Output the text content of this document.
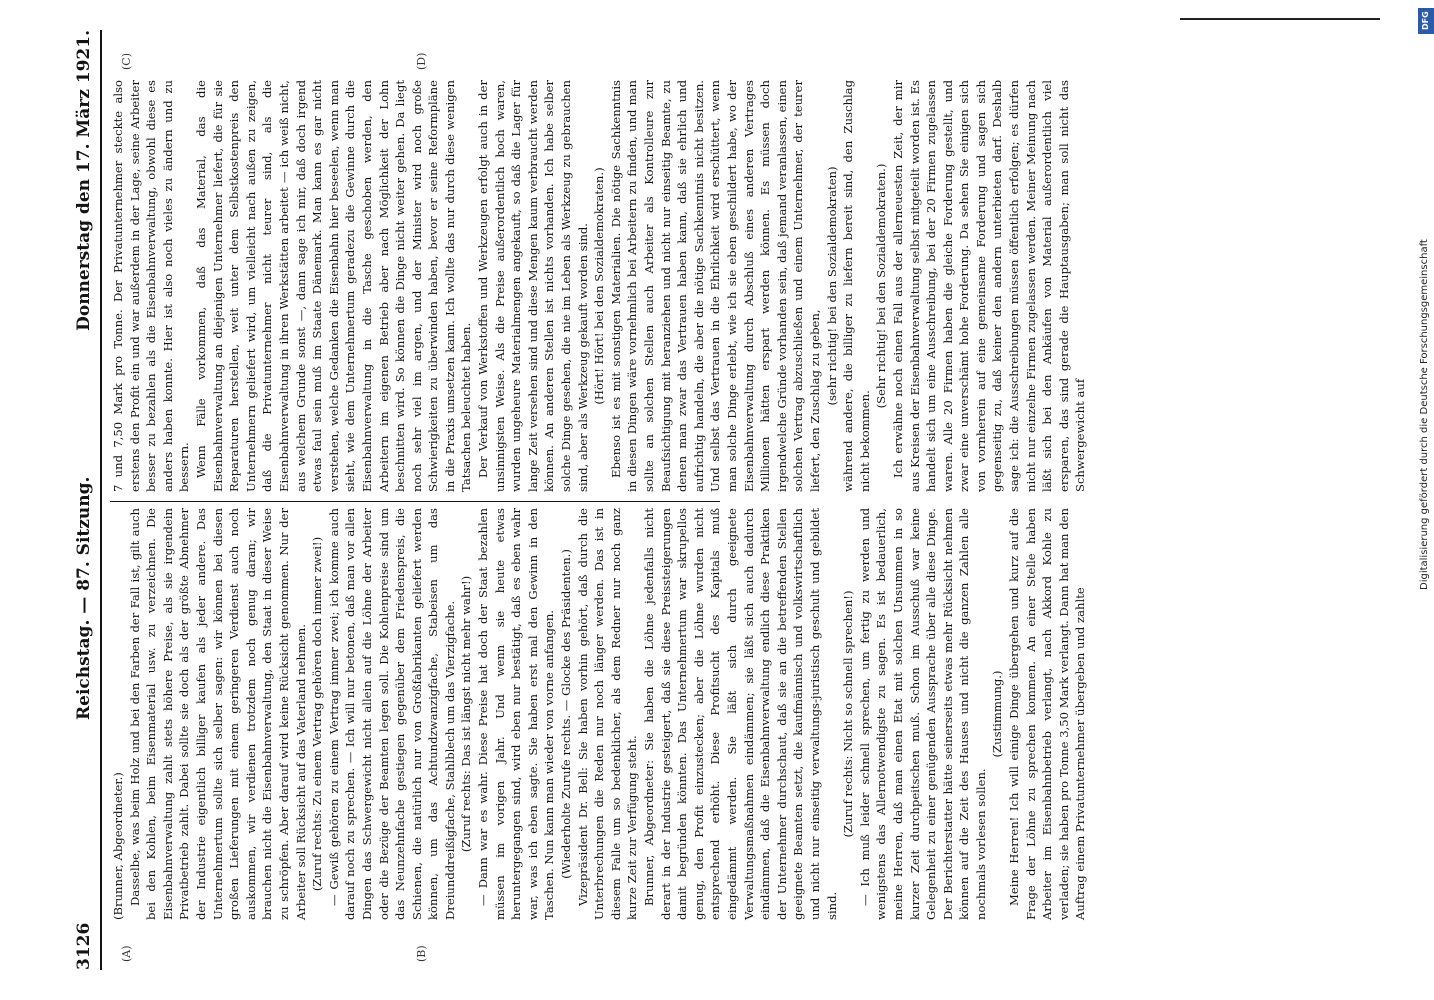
DFG
Digitalisierung gefördert durch die Deutsche Forschungsgemeinschaft
3126
Reichstag. — 87. Sitzung.
Donnerstag den 17. März 1921.
(A)	(B)
(C)	(D)

(Brunner, Abgeordneter.) Dasselbe, was beim Holz und bei den Farben der Fall ist, gilt auch bei den Kohlen, beim Eisenmaterial usw. zu verzeichnen. Die Eisenbahnverwaltung zahlt stets höhere Preise, als sie irgendein Privatbetrieb zahlt. Dabei sollte sie doch als der größte Abnehmer der Industrie eigentlich billiger kaufen als jeder andere. Das Unternehmertum sollte sich selber sagen: wir können bei diesen großen Lieferungen mit einem geringeren Verdienst auch noch auskommen, wir verdienen trotzdem noch genug daran; wir brauchen nicht die Eisenbahnverwaltung, den Staat in dieser Weise zu schröpfen. Aber darauf wird keine Rücksicht genommen. Nur der Arbeiter soll Rücksicht auf das Vaterland nehmen. (Zuruf rechts: Zu einem Vertrag gehören doch immer zwei!) — Gewiß gehören zu einem Vertrag immer zwei; ich komme auch darauf noch zu sprechen. — Ich will nur betonen, daß man vor allen Dingen das Schwergewicht nicht allein auf die Löhne der Arbeiter oder die Bezüge der Beamten legen soll. Die Kohlenpreise sind um das Neunzehnfache gestiegen gegenüber dem Friedenspreis, die Schienen, die natürlich nur von Großfabrikanten geliefert werden können, um das Achtundzwanzigfache, Stabeisen um das Dreiunddreißigfache, Stahlblech um das Vierzigfache. (Zuruf rechts: Das ist längst nicht mehr wahr!) — Dann war es wahr. Diese Preise hat doch der Staat bezahlen müssen im vorigen Jahr. Und wenn sie heute etwas heruntergegangen sind, wird eben nur bestätigt, daß es eben wahr war, was ich eben sagte. Sie haben erst mal den Gewinn in den Taschen. Nun kann man wieder von vorne anfangen. (Wiederholte Zurufe rechts. — Glocke des Präsidenten.) Vizepräsident Dr. Bell: Sie haben vorhin gehört, daß durch die Unterbrechungen die Reden nur noch länger werden. Das ist in diesem Falle um so bedenklicher, als dem Redner nur noch ganz kurze Zeit zur Verfügung steht. Brunner, Abgeordneter: Sie haben die Löhne jedenfalls nicht derart in der Industrie gesteigert, daß sie diese Preissteigerungen damit begründen könnten. Das Unternehmertum war skrupellos genug, den Profit einzustecken; aber die Löhne wurden nicht entsprechend erhöht. Diese Profitsucht des Kapitals muß eingedämmt werden. Sie läßt sich durch geeignete Verwaltungsmaßnahmen eindämmen; sie läßt sich auch dadurch eindämmen, daß die Eisenbahnverwaltung endlich diese Praktiken der Unternehmer durchschaut, daß sie an die betreffenden Stellen geeignete Beamten setzt, die kaufmännisch und volkswirtschaftlich und nicht nur einseitig verwaltungs-juristisch geschult und gebildet sind.

(Zuruf rechts: Nicht so schnell sprechen!) — Ich muß leider schnell sprechen, um fertig zu werden und wenigstens das Allernotwendigste zu sagen. Es ist bedauerlich, meine Herren, daß man einen Etat mit solchen Unsummen in so kurzer Zeit durchpeitschen muß. Schon im Ausschuß war keine Gelegenheit zu einer genügenden Aussprache über alle diese Dinge. Der Berichterstatter hätte seinerseits etwas mehr Rücksicht nehmen können auf die Zeit des Hauses und nicht die ganzen Zahlen alle nochmals vorlesen sollen.

(Zustimmung.) Meine Herren! Ich will einige Dinge übergehen und kurz auf die Frage der Löhne zu sprechen kommen. An einer Stelle haben Arbeiter im Eisenbahnbetrieb verlangt, nach Akkord Kohle zu verladen; sie haben pro Tonne 3,50 Mark verlangt. Dann hat man den Auftrag einem Privatunternehmer übergeben und zahlte

7 und 7,50 Mark pro Tonne. Der Privatunternehmer steckte also erstens den Profit ein und war außerdem in der Lage, seine Arbeiter besser zu bezahlen als die Eisenbahnverwaltung, obwohl diese es anders haben konnte. Hier ist also noch vieles zu ändern und zu bessern. Wenn Fälle vorkommen, daß das Material, das die Eisenbahnverwaltung an diejenigen Unternehmer liefert, die für sie Reparaturen herstellen, weit unter dem Selbstkostenpreis den Unternehmern geliefert wird, um vielleicht nach außen zu zeigen, daß die Privatunternehmer nicht teurer sind, als die Eisenbahnverwaltung in ihren Werkstätten arbeitet — ich weiß nicht, aus welchem Grunde sonst —, dann sage ich mir, daß doch irgend etwas faul sein muß im Staate Dänemark. Man kann es gar nicht verstehen, welche Gedanken die Eisenbahn hier beseelen, wenn man sieht, wie dem Unternehmertum geradezu die Gewinne durch die Eisenbahnverwaltung in die Tasche geschoben werden, den Arbeitern im eigenen Betrieb aber nach Möglichkeit der Lohn beschnitten wird. So können die Dinge nicht weiter gehen. Da liegt noch sehr viel im argen, und der Minister wird noch große Schwierigkeiten zu überwinden haben, bevor er seine Reformpläne in die Praxis umsetzen kann. Ich wollte das nur durch diese wenigen Tatsachen beleuchtet haben. Der Verkauf von Werkstoffen und Werkzeugen erfolgt auch in der unsinnigsten Weise. Als die Preise außerordentlich hoch waren, wurden ungeheure Materialmengen angekauft, so daß die Lager für lange Zeit versehen sind und diese Mengen kaum verbraucht werden können. An anderen Stellen ist nichts vorhanden. Ich habe selber solche Dinge gesehen, die nie im Leben als Werkzeug zu gebrauchen sind, aber als Werkzeug gekauft worden sind. (Hört! Hört! bei den Sozialdemokraten.) Ebenso ist es mit sonstigen Materialien. Die nötige Sachkenntnis in diesen Dingen wäre vornehmlich bei Arbeitern zu finden, und man sollte an solchen Stellen auch Arbeiter als Kontrolleure zur Beaufsichtigung mit heranziehen und nicht nur einseitig Beamte, zu denen man zwar das Vertrauen haben kann, daß sie ehrlich und aufrichtig handeln, die aber die nötige Sachkenntnis nicht besitzen. Und selbst das Vertrauen in die Ehrlichkeit wird erschüttert, wenn man solche Dinge erlebt, wie ich sie eben geschildert habe, wo der Eisenbahnverwaltung durch Abschluß eines anderen Vertrages Millionen hätten erspart werden können. Es müssen doch irgendwelche Gründe vorhanden sein, daß jemand veranlassen, einen solchen Vertrag abzuschließen und einem Unternehmer, der teurer liefert, den Zuschlag zu geben, (sehr richtig! bei den Sozialdemokraten) während andere, die billiger zu liefern bereit sind, den Zuschlag nicht bekommen.

(Sehr richtig! bei den Sozialdemokraten.) Ich erwähne noch einen Fall aus der allerneuesten Zeit, der mir aus Kreisen der Eisenbahnverwaltung selbst mitgeteilt worden ist. Es handelt sich um eine Ausschreibung, bei der 20 Firmen zugelassen waren. Alle 20 Firmen haben die gleiche Forderung gestellt, und zwar eine unverschämt hohe Forderung. Da sehen Sie einigen sich von vornherein auf eine gemeinsame Forderung und sagen sich gegenseitig zu, daß keiner den andern unterbieten darf. Deshalb sage ich: die Ausschreibungen müssen öffentlich erfolgen; es dürfen nicht nur einzelne Firmen zugelassen werden. Meiner Meinung nach läßt sich bei den Ankäufen von Material außerordentlich viel ersparen, das sind gerade die Hauptausgaben; man soll nicht das Schwergewicht auf
